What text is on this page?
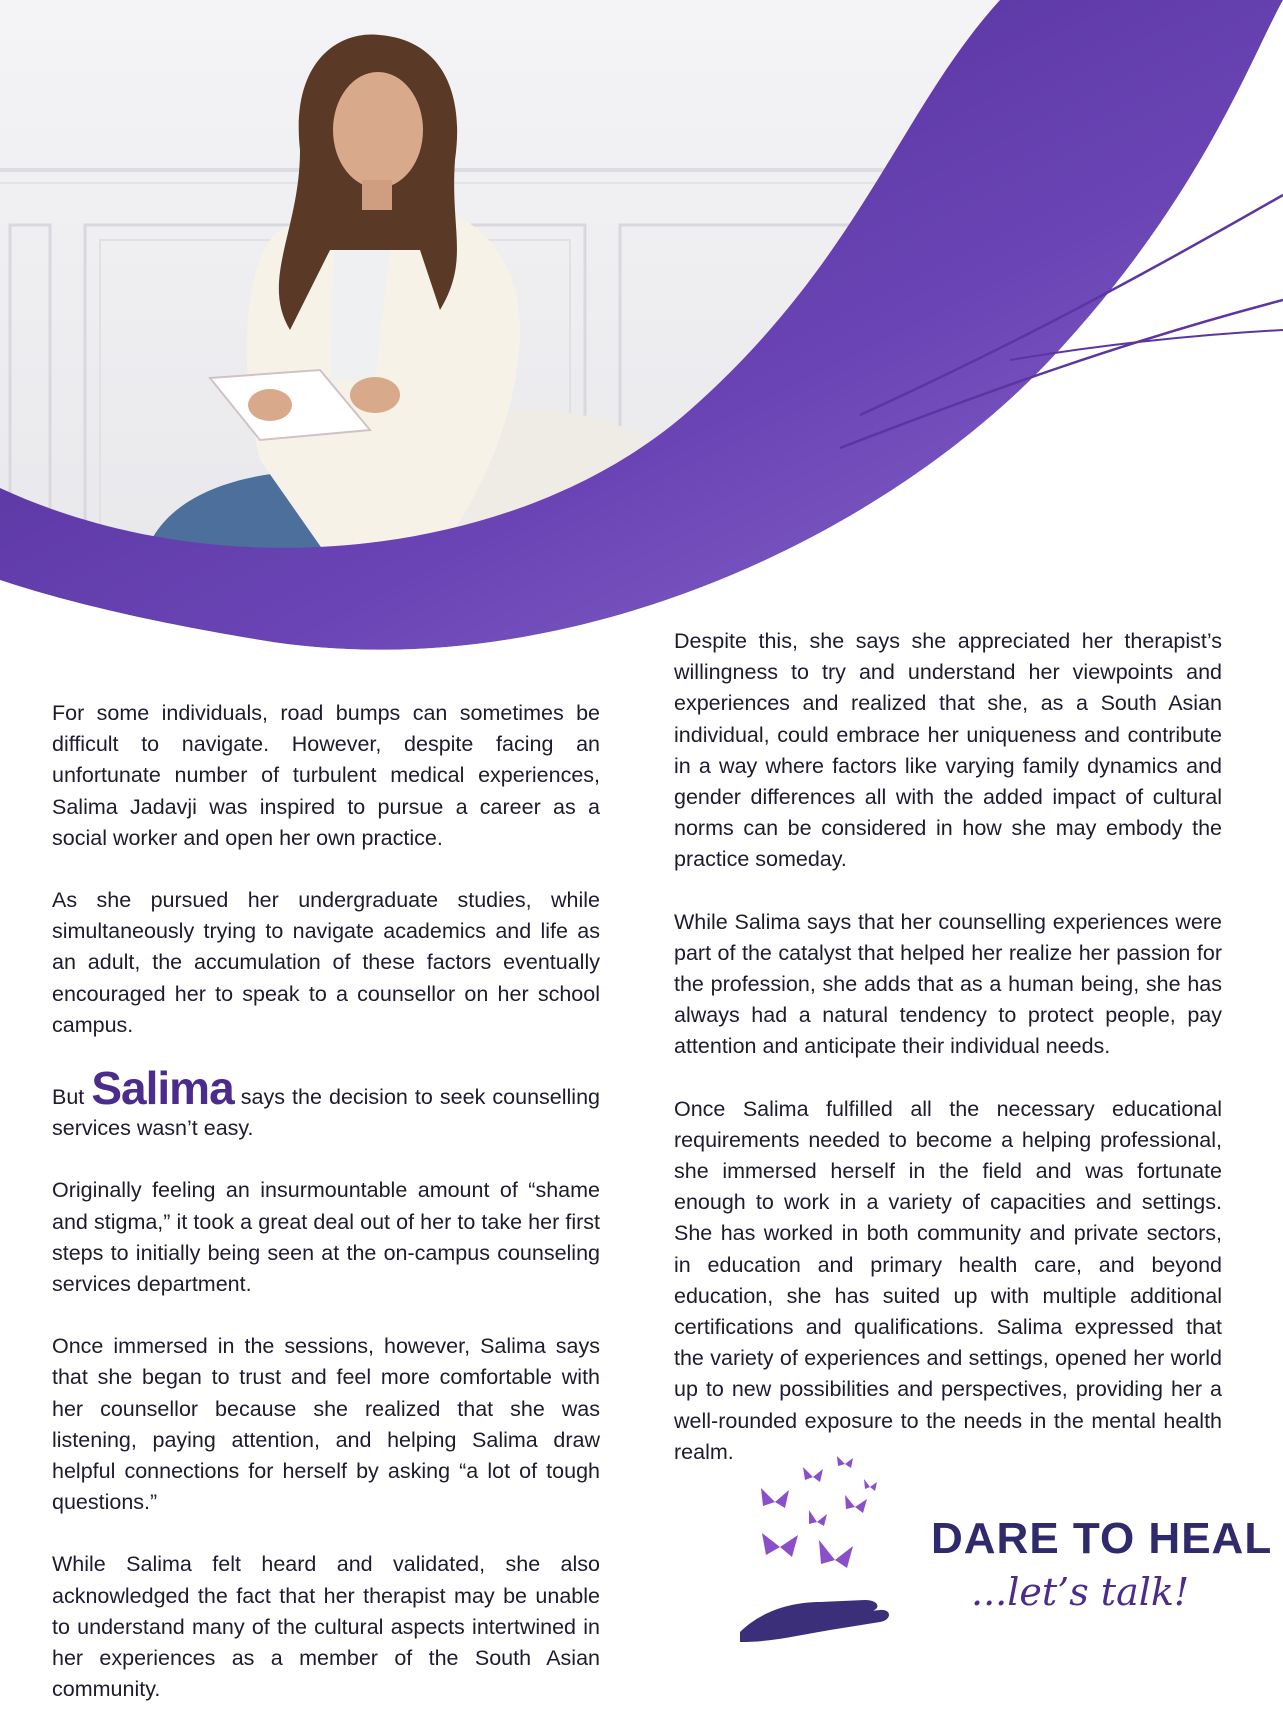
For some individuals, road bumps can sometimes be difficult to navigate. However, despite facing an unfortunate number of turbulent medical experiences, Salima Jadavji was inspired to pursue a career as a social worker and open her own practice.

As she pursued her undergraduate studies, while simultaneously trying to navigate academics and life as an adult, the accumulation of these factors eventually encouraged her to speak to a counsellor on her school campus.

But Salima says the decision to seek counselling services wasn’t easy.

Originally feeling an insurmountable amount of “shame and stigma,” it took a great deal out of her to take her first steps to initially being seen at the on-campus counseling services department.

Once immersed in the sessions, however, Salima says that she began to trust and feel more comfortable with her counsellor because she realized that she was listening, paying attention, and helping Salima draw helpful connections for herself by asking “a lot of tough questions.”

While Salima felt heard and validated, she also acknowledged the fact that her therapist may be unable to understand many of the cultural aspects intertwined in her experiences as a member of the South Asian community.

Despite this, she says she appreciated her therapist’s willingness to try and understand her viewpoints and experiences and realized that she, as a South Asian individual, could embrace her uniqueness and contribute in a way where factors like varying family dynamics and gender differences all with the added impact of cultural norms can be considered in how she may embody the practice someday.

While Salima says that her counselling experiences were part of the catalyst that helped her realize her passion for the profession, she adds that as a human being, she has always had a natural tendency to protect people, pay attention and anticipate their individual needs.

Once Salima fulfilled all the necessary educational requirements needed to become a helping professional, she immersed herself in the field and was fortunate enough to work in a variety of capacities and settings. She has worked in both community and private sectors, in education and primary health care, and beyond education, she has suited up with multiple additional certifications and qualifications. Salima expressed that the variety of experiences and settings, opened her world up to new possibilities and perspectives, providing her a well-rounded exposure to the needs in the mental health realm.

DARE TO HEAL
...let’s talk!
